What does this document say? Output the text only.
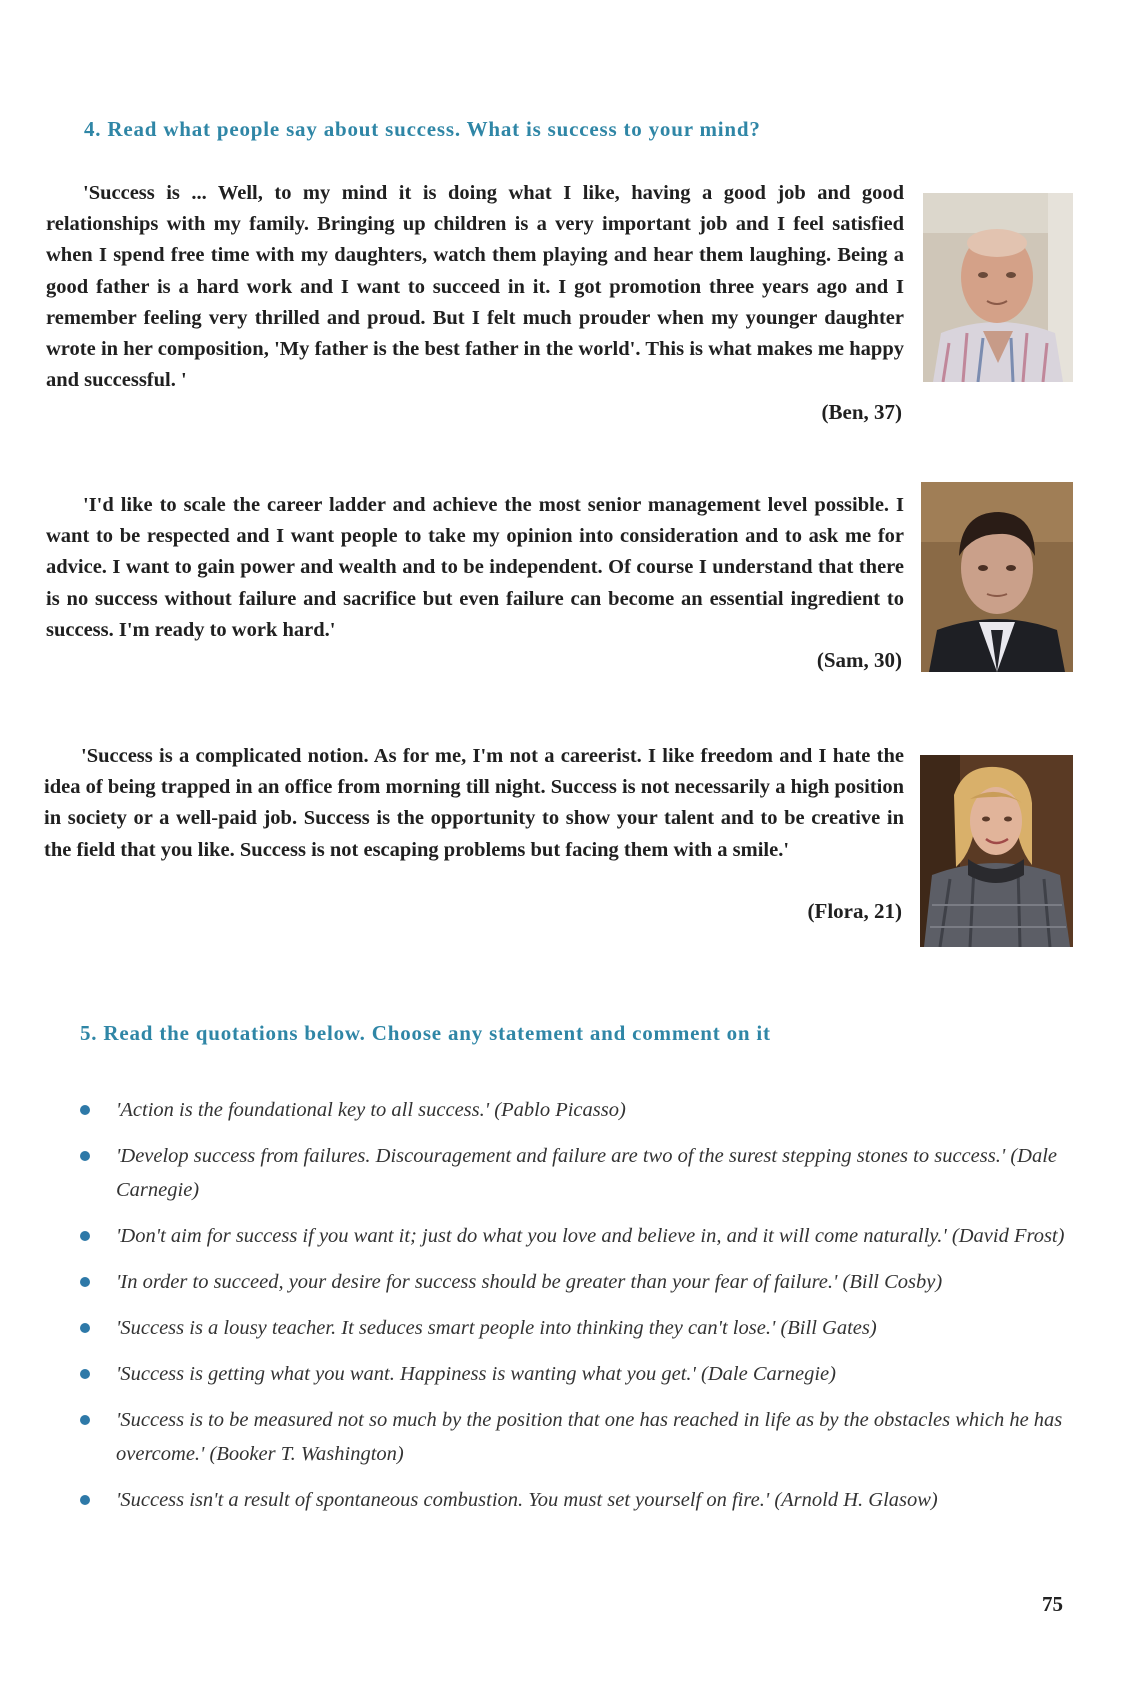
4. Read what people say about success. What is success to your mind?

'Success is ... Well, to my mind it is doing what I like, having a good job and good relationships with my family. Bringing up children is a very important job and I feel satisfied when I spend free time with my daughters, watch them playing and hear them laughing. Being a good father is a hard work and I want to succeed in it. I got promotion three years ago and I remember feeling very thrilled and proud. But I felt much prouder when my younger daughter wrote in her composition, 'My father is the best father in the world'. This is what makes me happy and successful. '

(Ben, 37)

'I'd like to scale the career ladder and achieve the most senior management level possible. I want to be respected and I want people to take my opinion into consideration and to ask me for advice. I want to gain power and wealth and to be independent. Of course I understand that there is no success without failure and sacrifice but even failure can become an essential ingredient to success. I'm ready to work hard.'

(Sam, 30)

'Success is a complicated notion. As for me, I'm not a careerist. I like freedom and I hate the idea of being trapped in an office from morning till night. Success is not necessarily a high position in society or a well-paid job. Success is the opportunity to show your talent and to be creative in the field that you like. Success is not escaping problems but facing them with a smile.'

(Flora, 21)
5. Read the quotations below. Choose any statement and comment on it
'Action is the foundational key to all success.' (Pablo Picasso)
'Develop success from failures. Discouragement and failure are two of the surest stepping stones to success.' (Dale Carnegie)
'Don't aim for success if you want it; just do what you love and believe in, and it will come naturally.' (David Frost)
'In order to succeed, your desire for success should be greater than your fear of failure.' (Bill Cosby)
'Success is a lousy teacher. It seduces smart people into thinking they can't lose.' (Bill Gates)
'Success is getting what you want. Happiness is wanting what you get.' (Dale Carnegie)
'Success is to be measured not so much by the position that one has reached in life as by the obstacles which he has overcome.' (Booker T. Washington)
'Success isn't a result of spontaneous combustion. You must set yourself on fire.' (Arnold H. Glasow)
75
